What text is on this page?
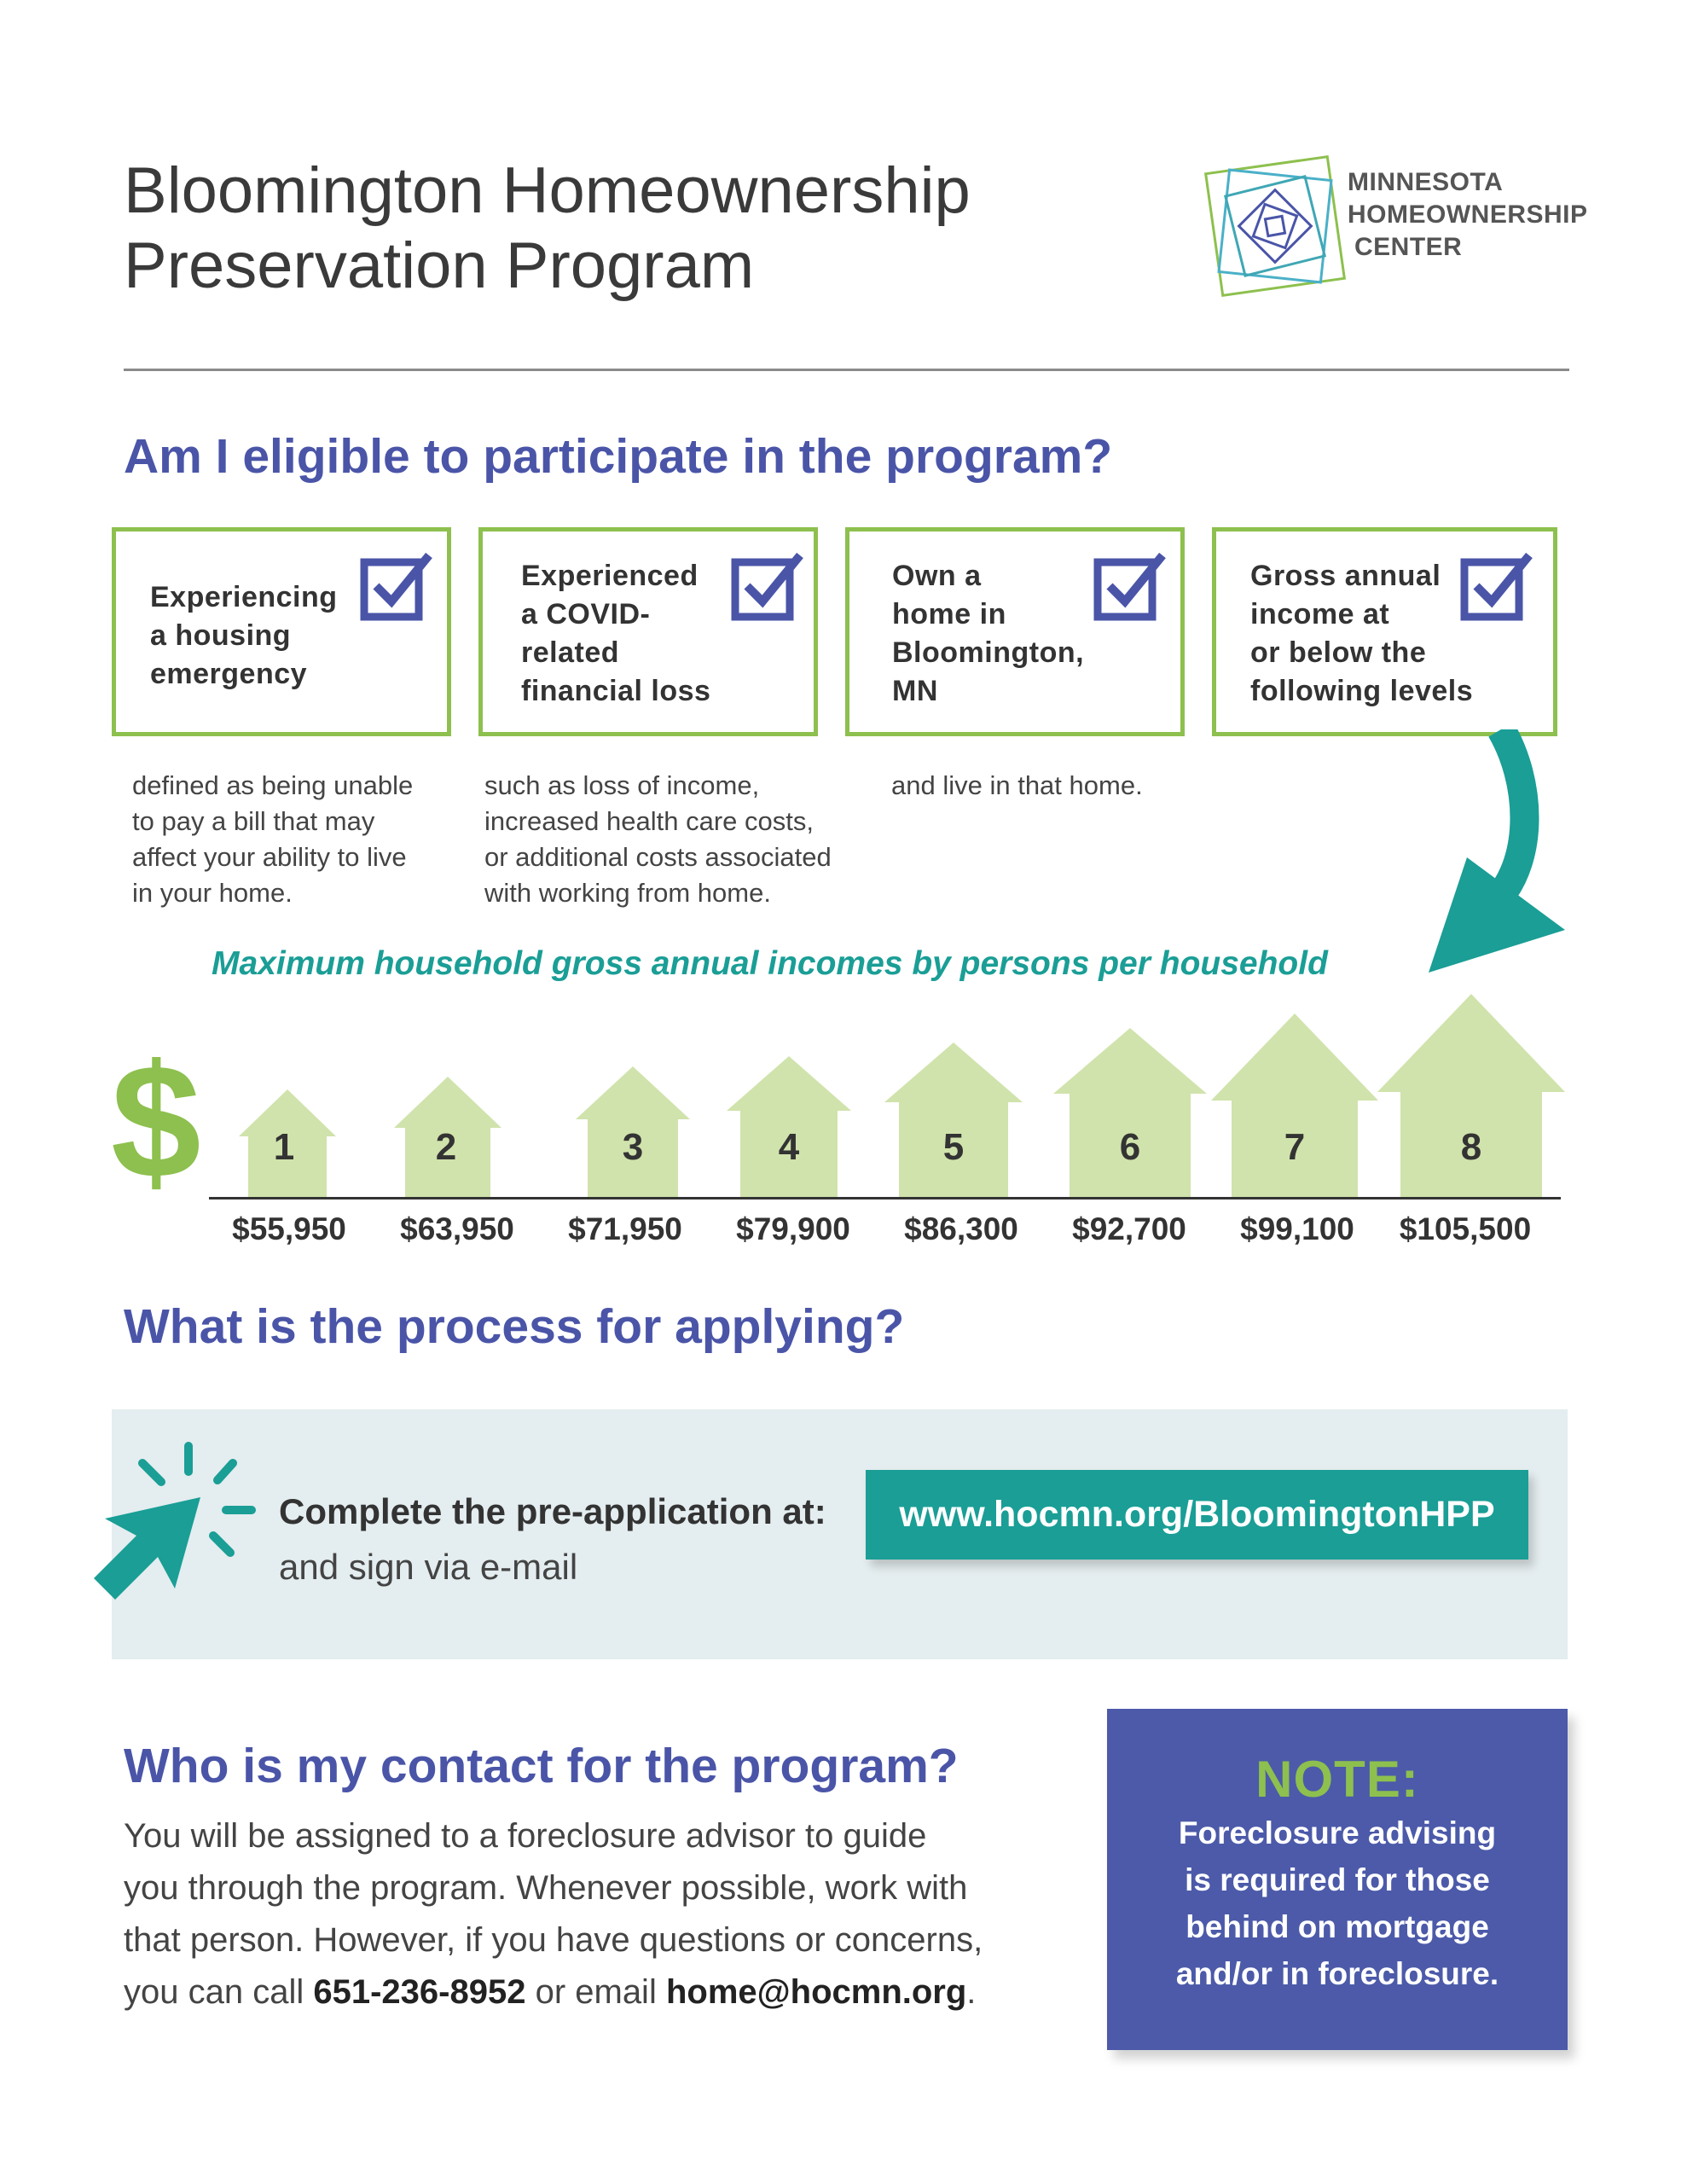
Bloomington Homeownership
Preservation Program
MINNESOTA
HOMEOWNERSHIP
CENTER
Am I eligible to participate in the program?
Experiencing
a housing
emergency
Experienced
a COVID-
related
financial loss
Own a
home in
Bloomington,
MN
Gross annual
income at
or below the
following levels
defined as being unable
to pay a bill that may
affect your ability to live
in your home.
such as loss of income,
increased health care costs,
or additional costs associated
with working from home.
and live in that home.
Maximum household gross annual incomes by persons per household
$	1	2	3	4	5	6	7	8
$55,950	$63,950	$71,950	$79,900	$86,300	$92,700	$99,100	$105,500
What is the process for applying?
Complete the pre-application at:
and sign via e-mail
www.hocmn.org/BloomingtonHPP
Who is my contact for the program?
You will be assigned to a foreclosure advisor to guide
you through the program. Whenever possible, work with
that person. However, if you have questions or concerns,
you can call 651-236-8952 or email home@hocmn.org.
NOTE:
Foreclosure advising
is required for those
behind on mortgage
and/or in foreclosure.
